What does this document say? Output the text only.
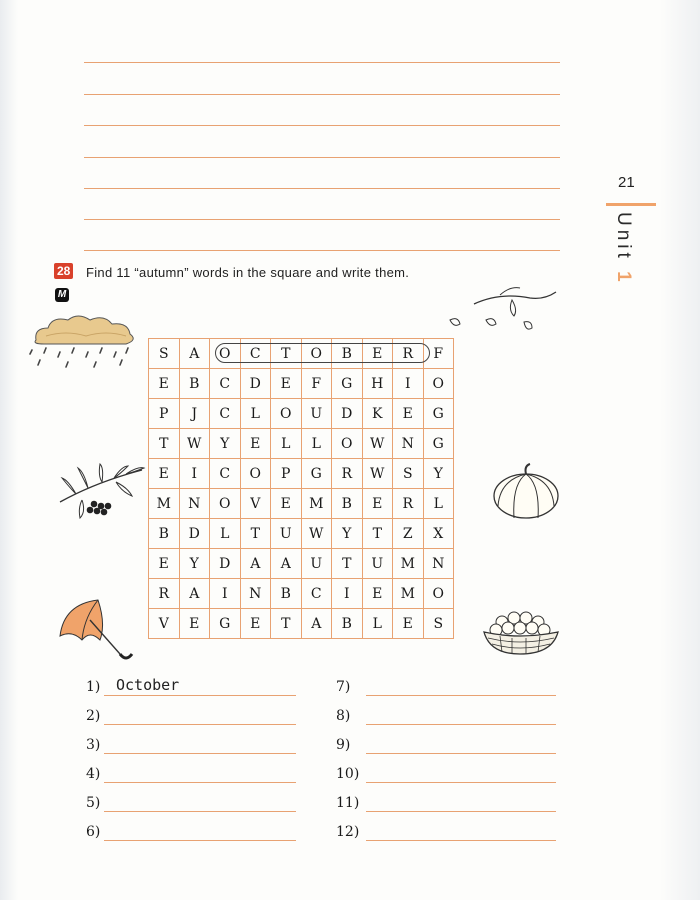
21
Unit 1
28
M
Find 11 “autumn” words in the square and write them.
S	A	O	C	T	O	B	E	R	F
E	B	C	D	E	F	G	H	I	O
P	J	C	L	O	U	D	K	E	G
T	W	Y	E	L	L	O	W	N	G
E	I	C	O	P	G	R	W	S	Y
M	N	O	V	E	M	B	E	R	L
B	D	L	T	U	W	Y	T	Z	X
E	Y	D	A	A	U	T	U	M	N
R	A	I	N	B	C	I	E	M	O
V	E	G	E	T	A	B	L	E	S
1) October
2)
3)
4)
5)
6)
7)
8)
9)
10)
11)
12)
